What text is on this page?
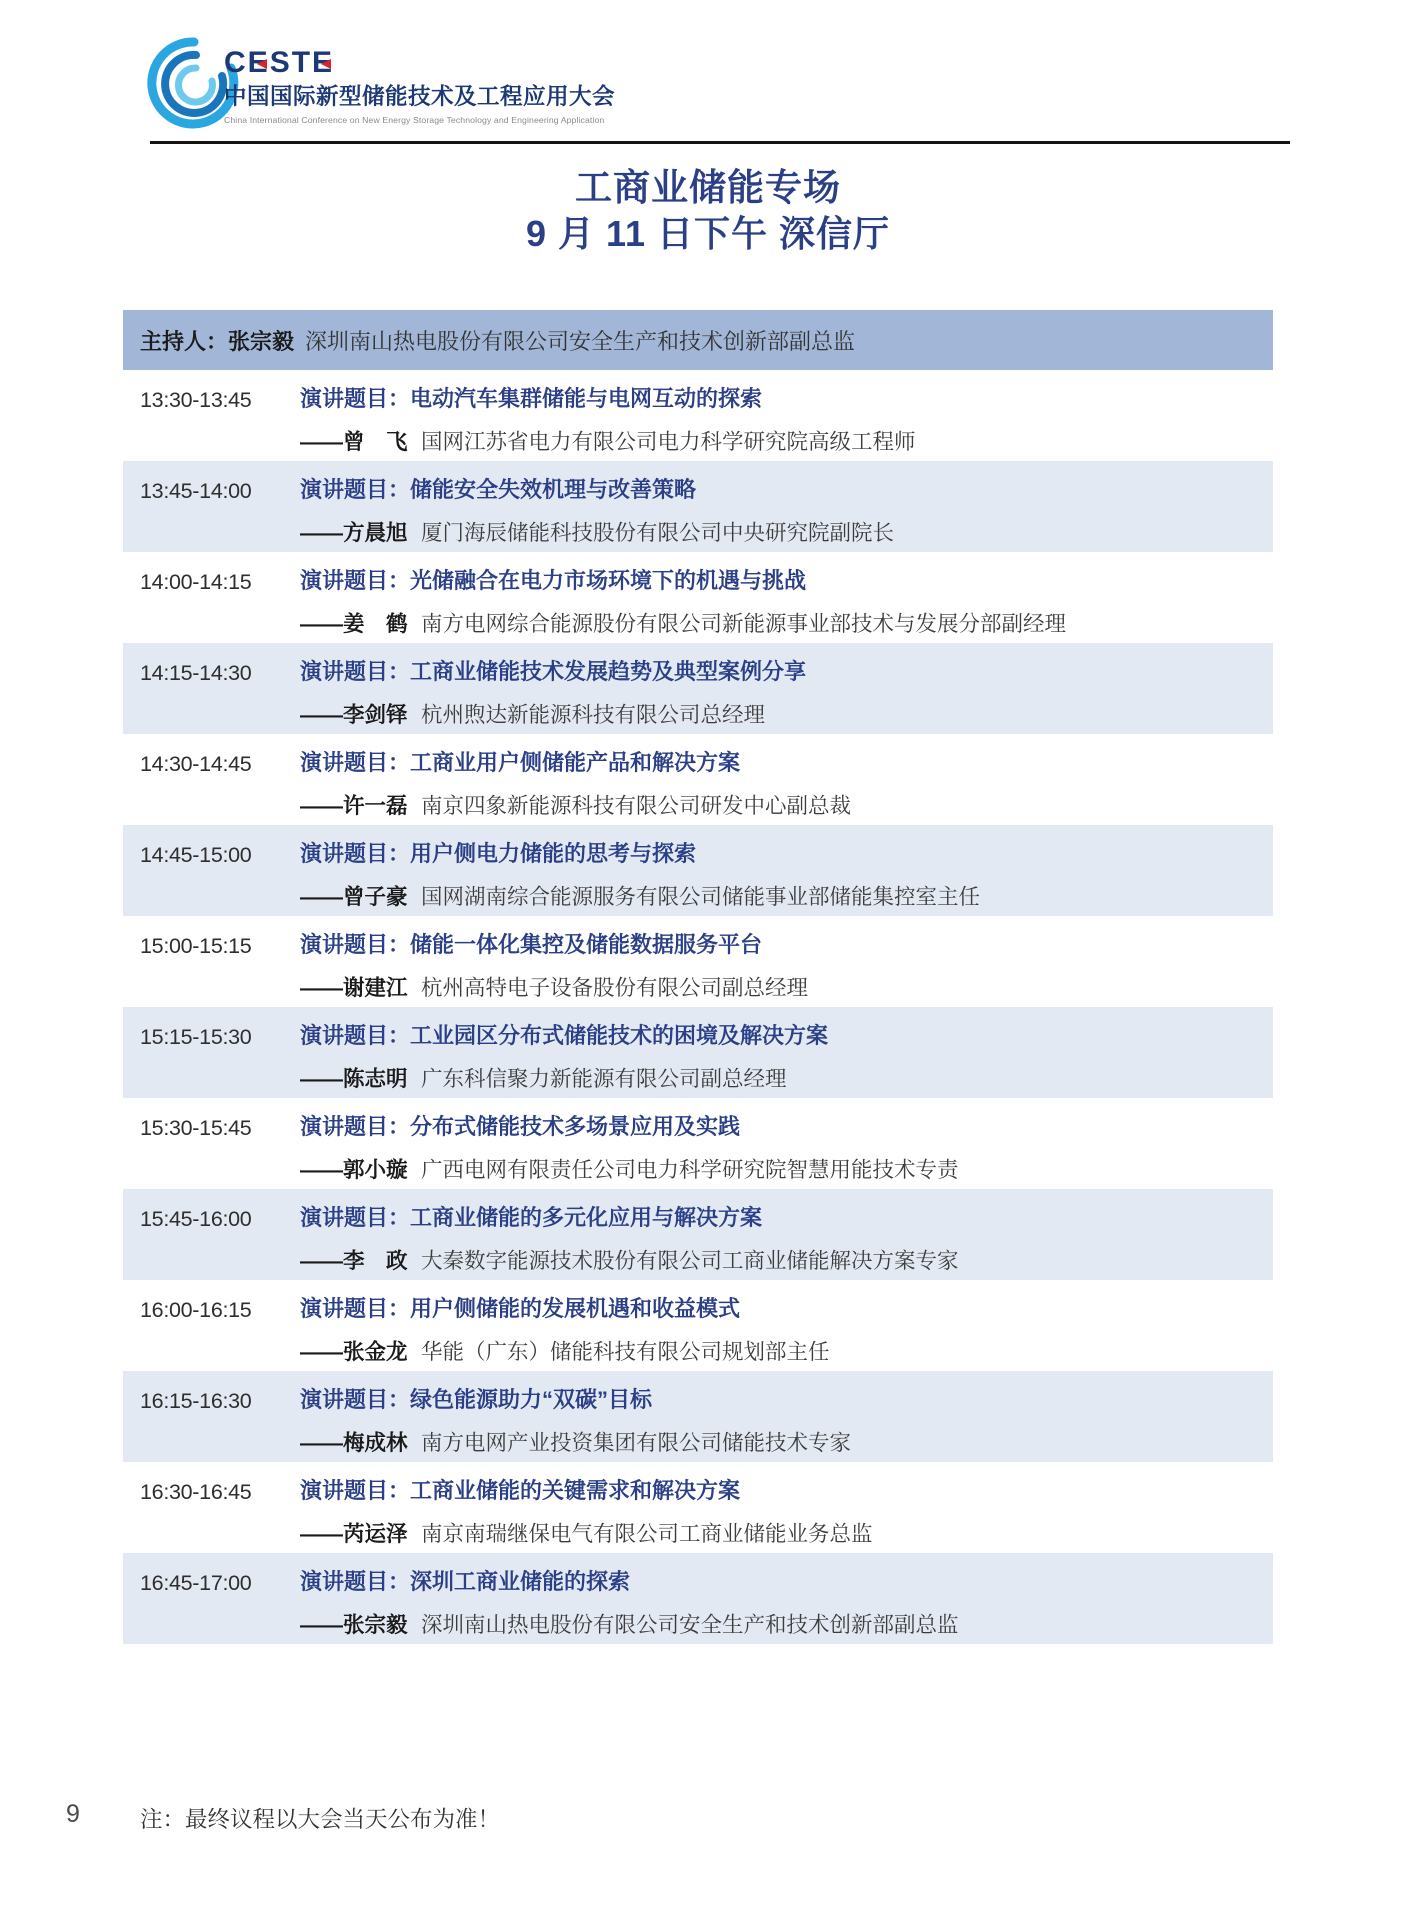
C E S T E
中国国际新型储能技术及工程应用大会
China International Conference on New Energy Storage Technology and Engineering Application
工商业储能专场
9 月 11 日下午 深信厅
主持人：张宗毅 深圳南山热电股份有限公司安全生产和技术创新部副总监
13:30-13:45 演讲题目：电动汽车集群储能与电网互动的探索
——曾　飞 国网江苏省电力有限公司电力科学研究院高级工程师
13:45-14:00 演讲题目：储能安全失效机理与改善策略
——方晨旭 厦门海辰储能科技股份有限公司中央研究院副院长
14:00-14:15 演讲题目：光储融合在电力市场环境下的机遇与挑战
——姜　鹤 南方电网综合能源股份有限公司新能源事业部技术与发展分部副经理
14:15-14:30 演讲题目：工商业储能技术发展趋势及典型案例分享
——李剑铎 杭州煦达新能源科技有限公司总经理
14:30-14:45 演讲题目：工商业用户侧储能产品和解决方案
——许一磊 南京四象新能源科技有限公司研发中心副总裁
14:45-15:00 演讲题目：用户侧电力储能的思考与探索
——曾子豪 国网湖南综合能源服务有限公司储能事业部储能集控室主任
15:00-15:15 演讲题目：储能一体化集控及储能数据服务平台
——谢建江 杭州高特电子设备股份有限公司副总经理
15:15-15:30 演讲题目：工业园区分布式储能技术的困境及解决方案
——陈志明 广东科信聚力新能源有限公司副总经理
15:30-15:45 演讲题目：分布式储能技术多场景应用及实践
——郭小璇 广西电网有限责任公司电力科学研究院智慧用能技术专责
15:45-16:00 演讲题目：工商业储能的多元化应用与解决方案
——李　政 大秦数字能源技术股份有限公司工商业储能解决方案专家
16:00-16:15 演讲题目：用户侧储能的发展机遇和收益模式
——张金龙 华能（广东）储能科技有限公司规划部主任
16:15-16:30 演讲题目：绿色能源助力“双碳”目标
——梅成林 南方电网产业投资集团有限公司储能技术专家
16:30-16:45 演讲题目：工商业储能的关键需求和解决方案
——芮运泽 南京南瑞继保电气有限公司工商业储能业务总监
16:45-17:00 演讲题目：深圳工商业储能的探索
——张宗毅 深圳南山热电股份有限公司安全生产和技术创新部副总监
9	注：最终议程以大会当天公布为准！
